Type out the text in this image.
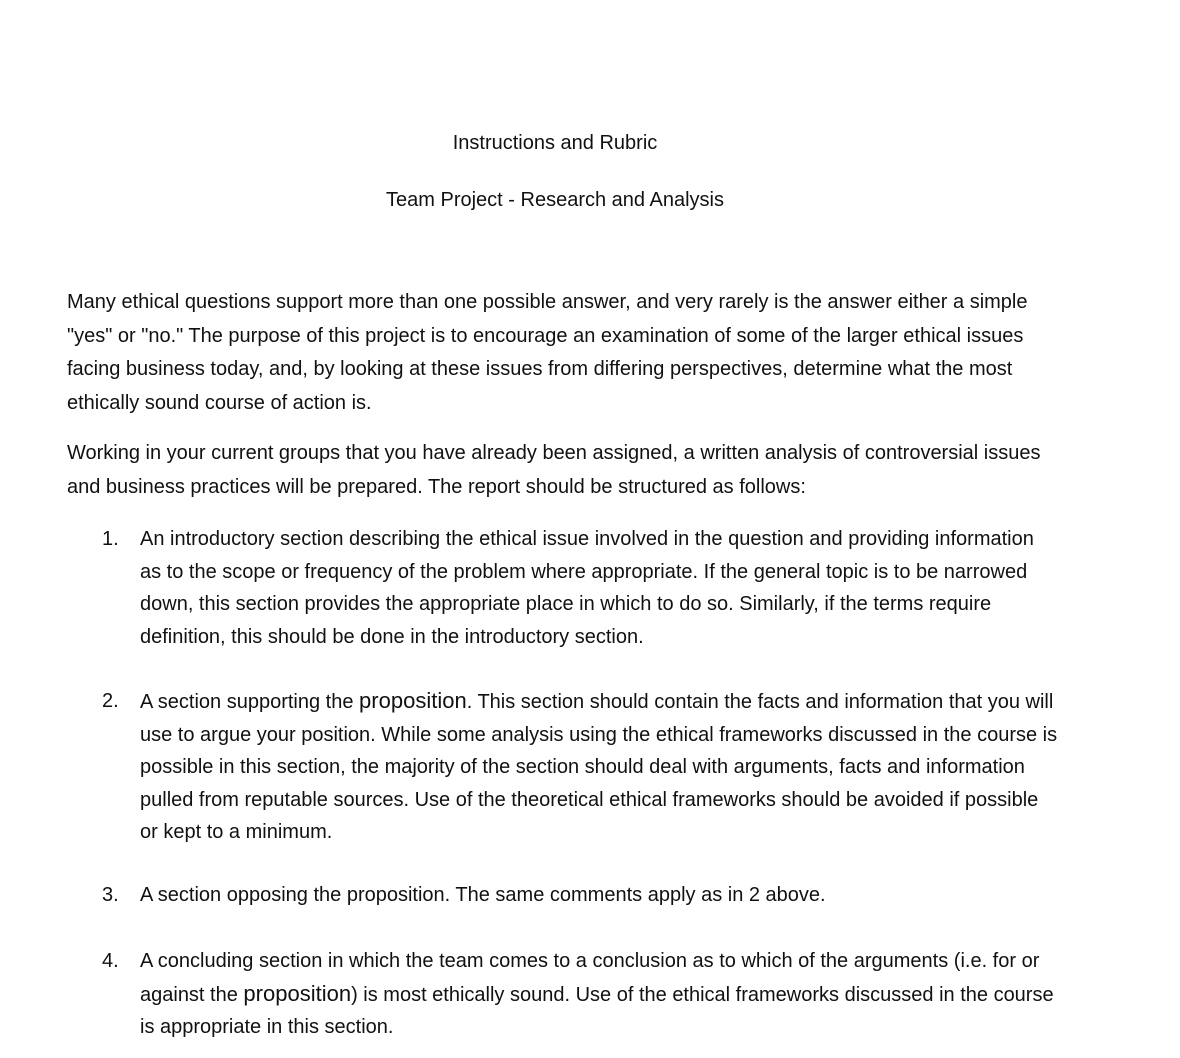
Instructions and Rubric
Team Project - Research and Analysis

Many ethical questions support more than one possible answer, and very rarely is the answer either a simple "yes" or "no." The purpose of this project is to encourage an examination of some of the larger ethical issues facing business today, and, by looking at these issues from differing perspectives, determine what the most ethically sound course of action is.

Working in your current groups that you have already been assigned, a written analysis of controversial issues and business practices will be prepared. The report should be structured as follows:

1.	An introductory section describing the ethical issue involved in the question and providing information as to the scope or frequency of the problem where appropriate. If the general topic is to be narrowed down, this section provides the appropriate place in which to do so. Similarly, if the terms require definition, this should be done in the introductory section.
2.	A section supporting the proposition. This section should contain the facts and information that you will use to argue your position. While some analysis using the ethical frameworks discussed in the course is possible in this section, the majority of the section should deal with arguments, facts and information pulled from reputable sources. Use of the theoretical ethical frameworks should be avoided if possible or kept to a minimum.
3.	A section opposing the proposition. The same comments apply as in 2 above.
4.	A concluding section in which the team comes to a conclusion as to which of the arguments (i.e. for or against the proposition) is most ethically sound. Use of the ethical frameworks discussed in the course is appropriate in this section.
